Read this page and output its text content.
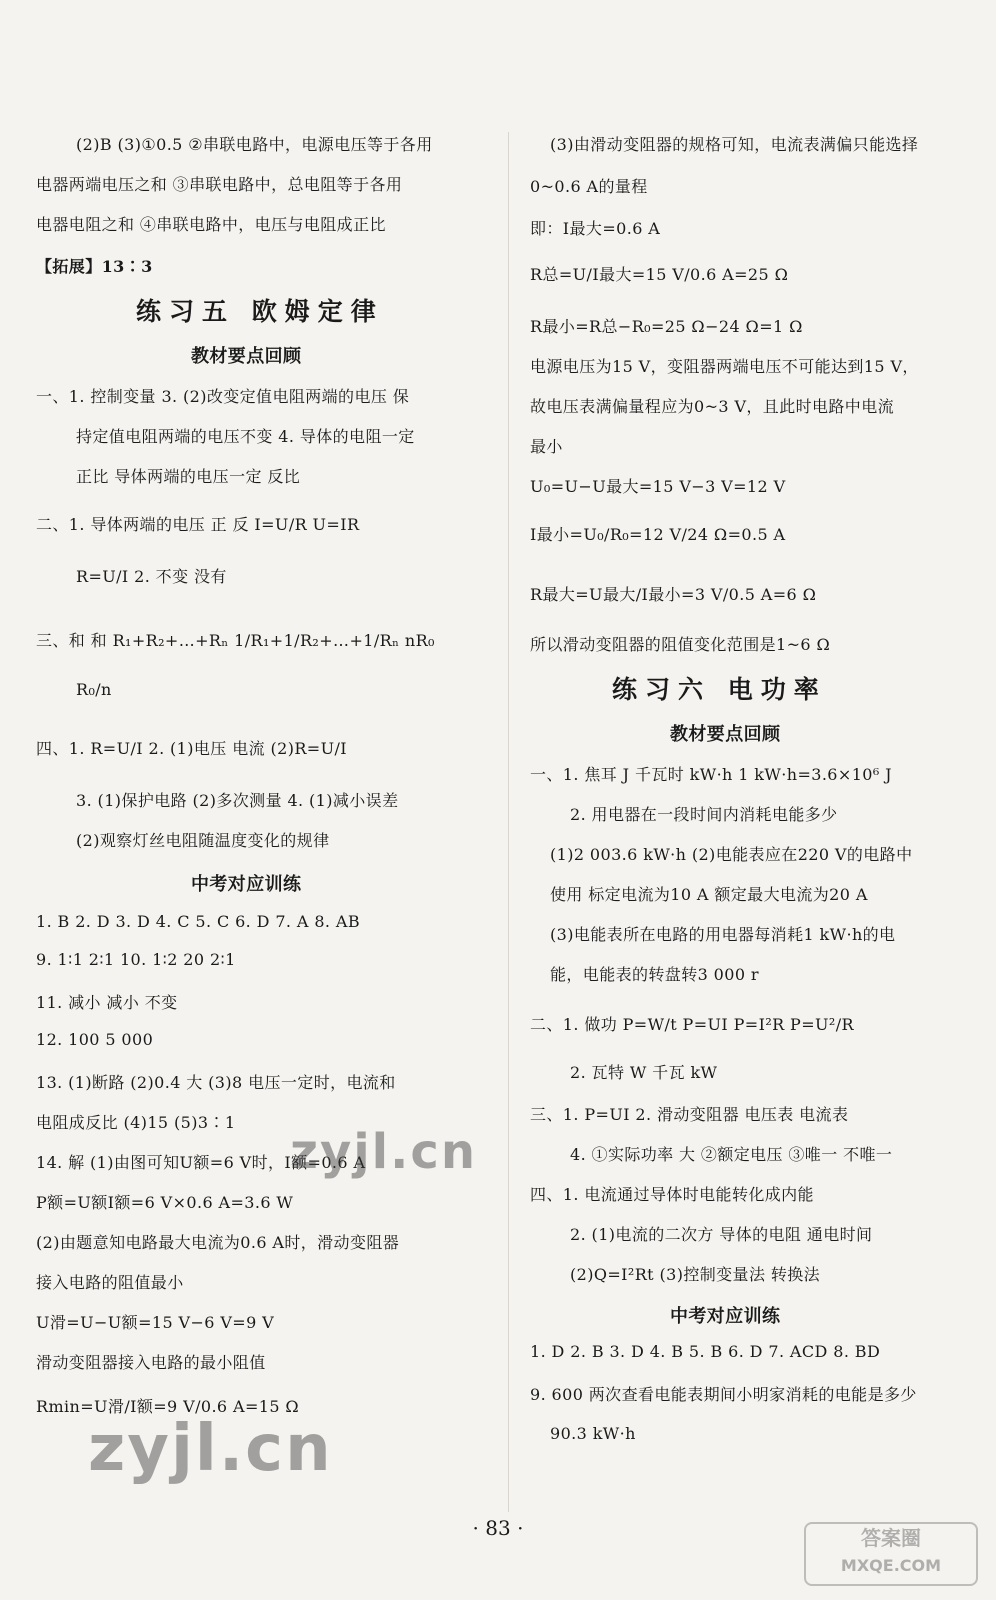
(2)B (3)①0.5 ②串联电路中，电源电压等于各用
电器两端电压之和 ③串联电路中，总电阻等于各用
电器电阻之和 ④串联电路中，电压与电阻成正比
【拓展】13∶3
练习五 欧姆定律
教材要点回顾
一、1. 控制变量 3. (2)改变定值电阻两端的电压 保
持定值电阻两端的电压不变 4. 导体的电阻一定
正比 导体两端的电压一定 反比
二、1. 导体两端的电压 正 反 I=U/R U=IR
R=U/I 2. 不变 没有
三、和 和 R₁+R₂+…+Rₙ 1/R₁+1/R₂+…+1/Rₙ nR₀
R₀/n
四、1. R=U/I 2. (1)电压 电流 (2)R=U/I
3. (1)保护电路 (2)多次测量 4. (1)减小误差
(2)观察灯丝电阻随温度变化的规律
中考对应训练
1. B 2. D 3. D 4. C 5. C 6. D 7. A 8. AB
9. 1∶1 2∶1 10. 1∶2 20 2∶1
11. 减小 减小 不变
12. 100 5 000
13. (1)断路 (2)0.4 大 (3)8 电压一定时，电流和
电阻成反比 (4)15 (5)3∶1
14. 解 (1)由图可知U额=6 V时，I额=0.6 A
P额=U额I额=6 V×0.6 A=3.6 W
(2)由题意知电路最大电流为0.6 A时，滑动变阻器
接入电路的阻值最小
U滑=U−U额=15 V−6 V=9 V
滑动变阻器接入电路的最小阻值
Rmin=U滑/I额=9 V/0.6 A=15 Ω
(3)由滑动变阻器的规格可知，电流表满偏只能选择
0~0.6 A的量程
即：I最大=0.6 A
R总=U/I最大=15 V/0.6 A=25 Ω
R最小=R总−R₀=25 Ω−24 Ω=1 Ω
电源电压为15 V，变阻器两端电压不可能达到15 V，
故电压表满偏量程应为0~3 V，且此时电路中电流
最小
U₀=U−U最大=15 V−3 V=12 V
I最小=U₀/R₀=12 V/24 Ω=0.5 A
R最大=U最大/I最小=3 V/0.5 A=6 Ω
所以滑动变阻器的阻值变化范围是1~6 Ω
练习六 电功率
教材要点回顾
一、1. 焦耳 J 千瓦时 kW·h 1 kW·h=3.6×10⁶ J
2. 用电器在一段时间内消耗电能多少
(1)2 003.6 kW·h (2)电能表应在220 V的电路中
使用 标定电流为10 A 额定最大电流为20 A
(3)电能表所在电路的用电器每消耗1 kW·h的电
能，电能表的转盘转3 000 r
二、1. 做功 P=W/t P=UI P=I²R P=U²/R
2. 瓦特 W 千瓦 kW
三、1. P=UI 2. 滑动变阻器 电压表 电流表
4. ①实际功率 大 ②额定电压 ③唯一 不唯一
四、1. 电流通过导体时电能转化成内能
2. (1)电流的二次方 导体的电阻 通电时间
(2)Q=I²Rt (3)控制变量法 转换法
中考对应训练
1. D 2. B 3. D 4. B 5. B 6. D 7. ACD 8. BD
9. 600 两次查看电能表期间小明家消耗的电能是多少
90.3 kW·h
· 83 ·
zyjl.cn
zyjl.cn
答案圈
MXQE.COM
